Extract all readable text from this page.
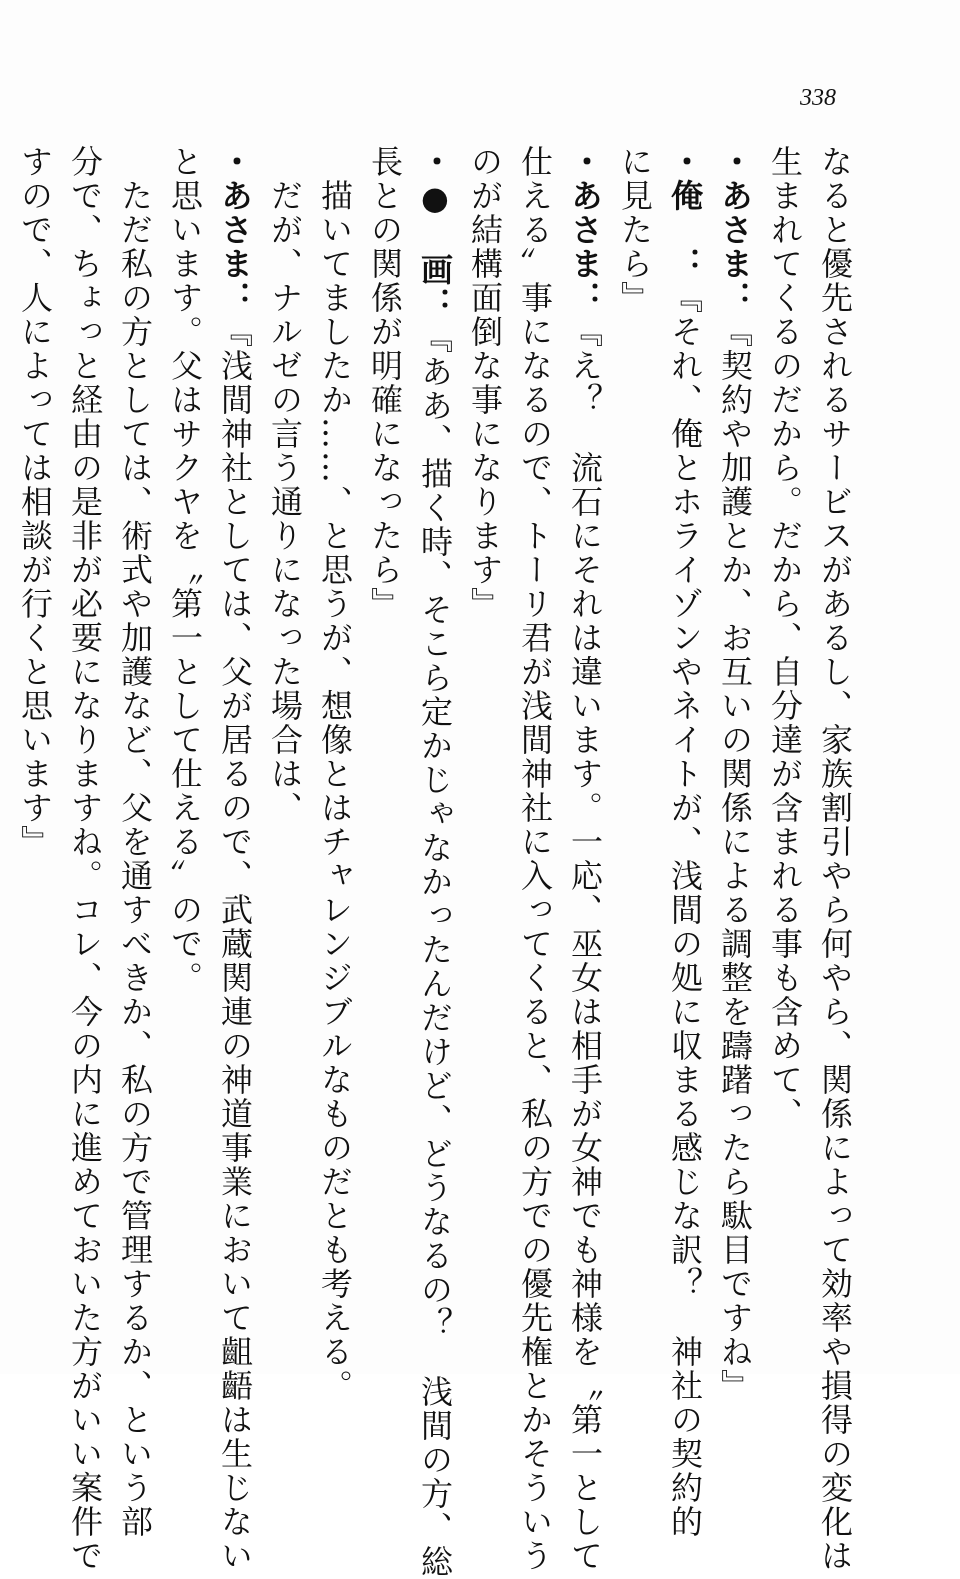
338
なると優先されるサービスがあるし、家族割引やら何やら、関係によって効率や損得の変化は
生まれてくるのだから。だから、自分達が含まれる事も含めて、
・あさま：『契約や加護とか、お互いの関係による調整を躊躇ったら駄目ですね』
・俺　：『それ、俺とホライゾンやネイトが、浅間の処に収まる感じな訳？　神社の契約的
に見たら』
・あさま：『え？　流石にそれは違います。一応、巫女は相手が女神でも神様を〝第一として
仕える〟事になるので、トーリ君が浅間神社に入ってくると、私の方での優先権とかそういう
のが結構面倒な事になります』
・●　画：『ああ、描く時、そこら定かじゃなかったんだけど、どうなるの？　浅間の方、総
長との関係が明確になったら』
　描いてましたか……、と思うが、想像とはチャレンジブルなものだとも考える。
　だが、ナルゼの言う通りになった場合は、
・あさま：『浅間神社としては、父が居るので、武蔵関連の神道事業において齟齬は生じない
と思います。父はサクヤを〝第一として仕える〟ので。
　ただ私の方としては、術式や加護など、父を通すべきか、私の方で管理するか、という部
分で、ちょっと経由の是非が必要になりますね。コレ、今の内に進めておいた方がいい案件で
すので、人によっては相談が行くと思います』
